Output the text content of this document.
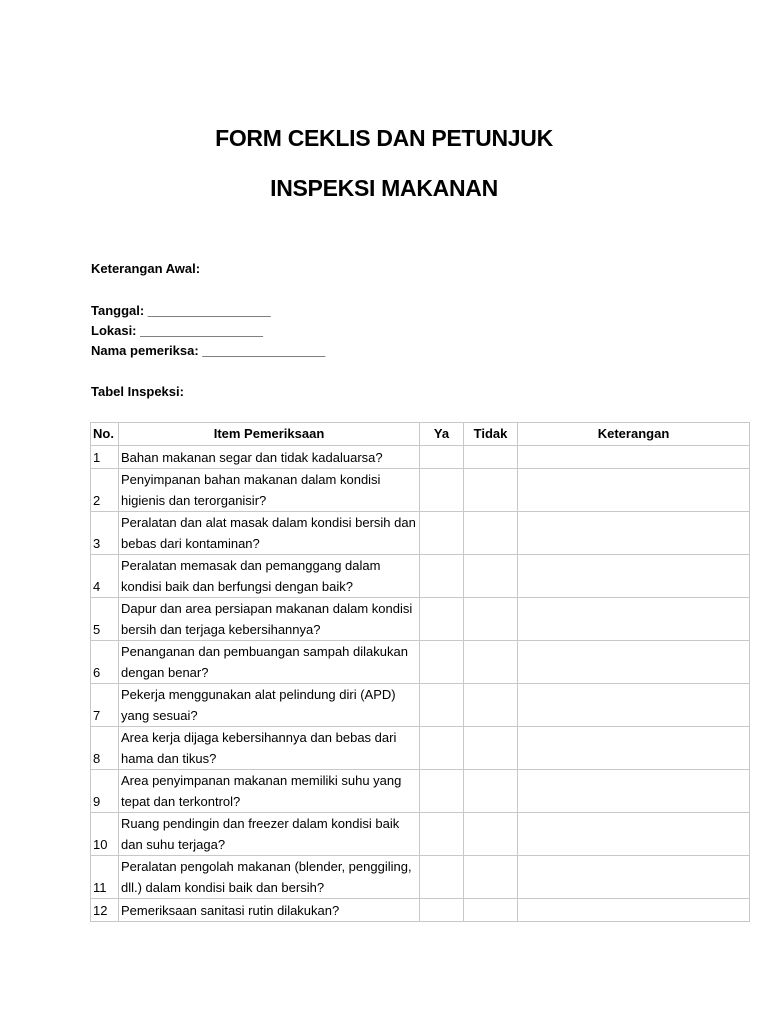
FORM CEKLIS DAN PETUNJUK
INSPEKSI MAKANAN
Keterangan Awal:
Tanggal: _________________
Lokasi: _________________
Nama pemeriksa: _________________
Tabel Inspeksi:
No.	Item Pemeriksaan	Ya	Tidak	Keterangan
1	Bahan makanan segar dan tidak kadaluarsa?			
2	Penyimpanan bahan makanan dalam kondisi higienis dan terorganisir?			
3	Peralatan dan alat masak dalam kondisi bersih dan bebas dari kontaminan?			
4	Peralatan memasak dan pemanggang dalam kondisi baik dan berfungsi dengan baik?			
5	Dapur dan area persiapan makanan dalam kondisi bersih dan terjaga kebersihannya?			
6	Penanganan dan pembuangan sampah dilakukan dengan benar?			
7	Pekerja menggunakan alat pelindung diri (APD) yang sesuai?			
8	Area kerja dijaga kebersihannya dan bebas dari hama dan tikus?			
9	Area penyimpanan makanan memiliki suhu yang tepat dan terkontrol?			
10	Ruang pendingin dan freezer dalam kondisi baik dan suhu terjaga?			
11	Peralatan pengolah makanan (blender, penggiling, dll.) dalam kondisi baik dan bersih?			
12	Pemeriksaan sanitasi rutin dilakukan?			
